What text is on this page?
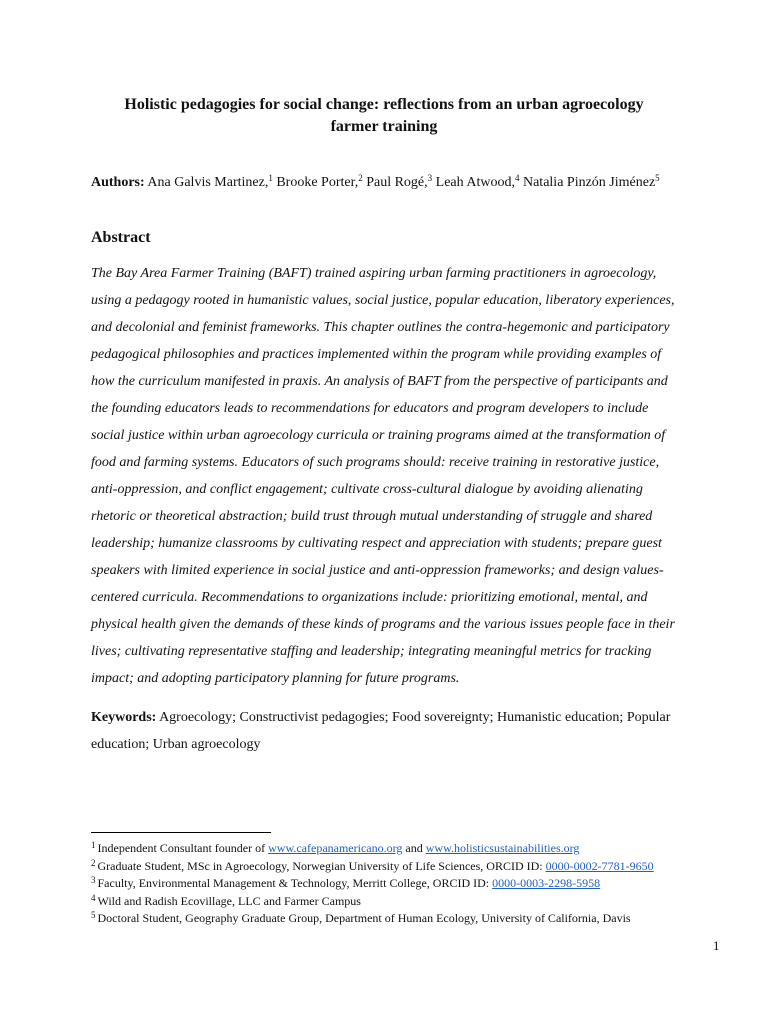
Holistic pedagogies for social change: reflections from an urban agroecology
farmer training
Authors: Ana Galvis Martinez,$^1$ Brooke Porter,$^2$ Paul Rogé,$^3$ Leah Atwood,$^4$ Natalia Pinzón Jiménez$^5$
Abstract
The Bay Area Farmer Training (BAFT) trained aspiring urban farming practitioners in agroecology,
using a pedagogy rooted in humanistic values, social justice, popular education, liberatory experiences,
and decolonial and feminist frameworks. This chapter outlines the contra-hegemonic and participatory
pedagogical philosophies and practices implemented within the program while providing examples of
how the curriculum manifested in praxis. An analysis of BAFT from the perspective of participants and
the founding educators leads to recommendations for educators and program developers to include
social justice within urban agroecology curricula or training programs aimed at the transformation of
food and farming systems. Educators of such programs should: receive training in restorative justice,
anti-oppression, and conflict engagement; cultivate cross-cultural dialogue by avoiding alienating
rhetoric or theoretical abstraction; build trust through mutual understanding of struggle and shared
leadership; humanize classrooms by cultivating respect and appreciation with students; prepare guest
speakers with limited experience in social justice and anti-oppression frameworks; and design values-
centered curricula. Recommendations to organizations include: prioritizing emotional, mental, and
physical health given the demands of these kinds of programs and the various issues people face in their
lives; cultivating representative staffing and leadership; integrating meaningful metrics for tracking
impact; and adopting participatory planning for future programs.
Keywords: Agroecology; Constructivist pedagogies; Food sovereignty; Humanistic education; Popular
education; Urban agroecology
$^1$ Independent Consultant founder of www.cafepanamericano.org and www.holisticsustainabilities.org
$^2$ Graduate Student, MSc in Agroecology, Norwegian University of Life Sciences, ORCID ID: 0000-0002-7781-9650
$^3$ Faculty, Environmental Management & Technology, Merritt College, ORCID ID: 0000-0003-2298-5958
$^4$ Wild and Radish Ecovillage, LLC and Farmer Campus
$^5$ Doctoral Student, Geography Graduate Group, Department of Human Ecology, University of California, Davis
1
